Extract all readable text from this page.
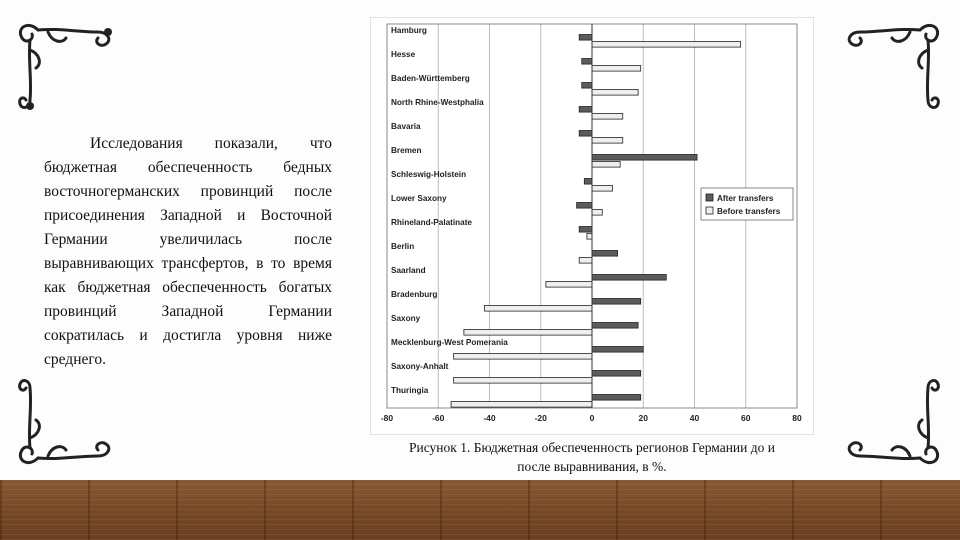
Исследования показали, что бюджетная обеспеченность бедных восточногерманских провинций после присоединения Западной и Восточной Германии увеличилась после выравнивающих трансфертов, в то время как бюджетная обеспеченность богатых провинций Западной Германии сократилась и достигла уровня ниже среднего.

Hamburg
Hesse
Baden-Württemberg
North Rhine-Westphalia
Bavaria
Bremen
Schleswig-Holstein
Lower Saxony
Rhineland-Palatinate
Berlin
Saarland
Bradenburg
Saxony
Mecklenburg-West Pomerania
Saxony-Anhalt
Thuringia
-80	-60	-40	-20	0	20	40	60	80
After transfers
Before transfers

Рисунок 1. Бюджетная обеспеченность регионов Германии до и
после выравнивания, в %.
